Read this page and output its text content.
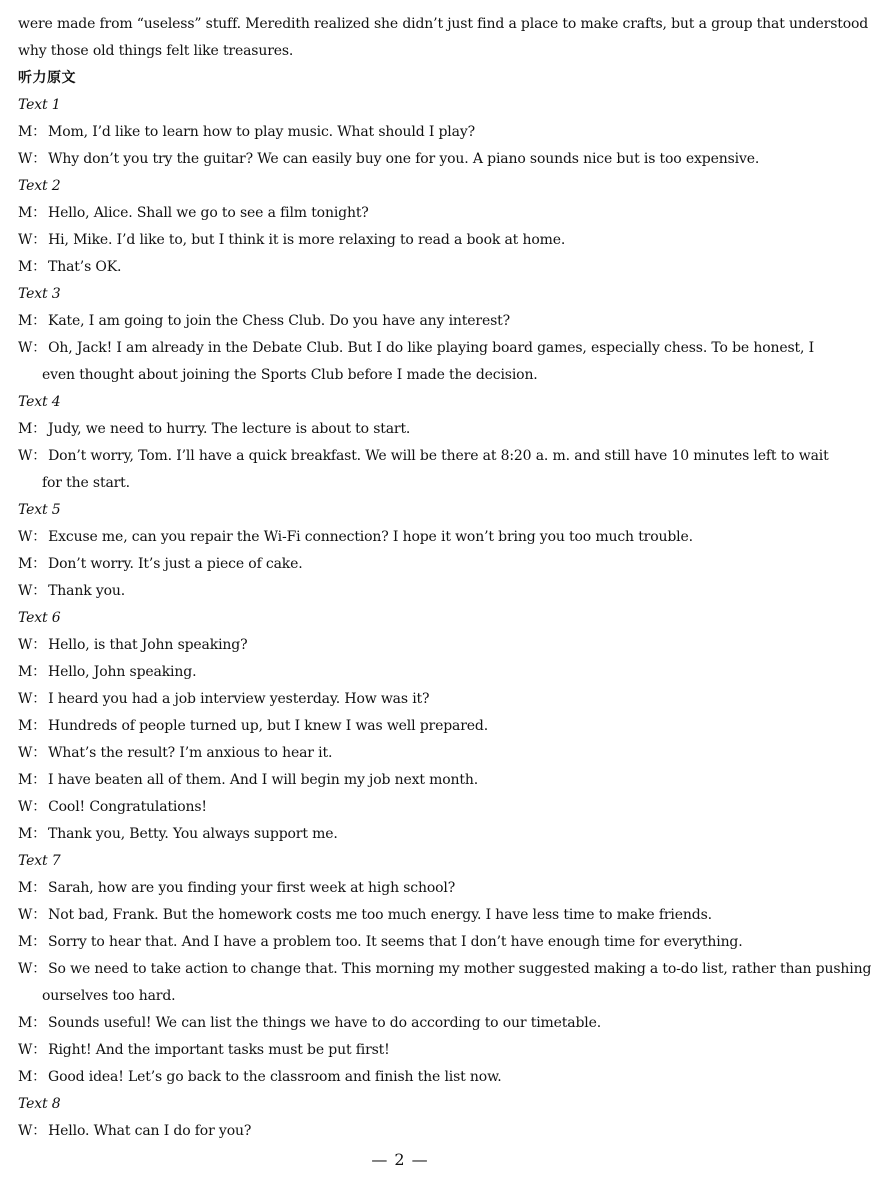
were made from “useless” stuff. Meredith realized she didn’t just find a place to make crafts, but a group that understood
why those old things felt like treasures.
听力原文
Text 1
M： Mom, I’d like to learn how to play music. What should I play?
W： Why don’t you try the guitar? We can easily buy one for you. A piano sounds nice but is too expensive.
Text 2
M： Hello, Alice. Shall we go to see a film tonight?
W： Hi, Mike. I’d like to, but I think it is more relaxing to read a book at home.
M： That’s OK.
Text 3
M： Kate, I am going to join the Chess Club. Do you have any interest?
W： Oh, Jack! I am already in the Debate Club. But I do like playing board games, especially chess. To be honest, I
even thought about joining the Sports Club before I made the decision.
Text 4
M： Judy, we need to hurry. The lecture is about to start.
W： Don’t worry, Tom. I’ll have a quick breakfast. We will be there at 8:20 a. m. and still have 10 minutes left to wait
for the start.
Text 5
W： Excuse me, can you repair the Wi-Fi connection? I hope it won’t bring you too much trouble.
M： Don’t worry. It’s just a piece of cake.
W： Thank you.
Text 6
W： Hello, is that John speaking?
M： Hello, John speaking.
W： I heard you had a job interview yesterday. How was it?
M： Hundreds of people turned up, but I knew I was well prepared.
W： What’s the result? I’m anxious to hear it.
M： I have beaten all of them. And I will begin my job next month.
W： Cool! Congratulations!
M： Thank you, Betty. You always support me.
Text 7
M： Sarah, how are you finding your first week at high school?
W： Not bad, Frank. But the homework costs me too much energy. I have less time to make friends.
M： Sorry to hear that. And I have a problem too. It seems that I don’t have enough time for everything.
W： So we need to take action to change that. This morning my mother suggested making a to-do list, rather than pushing
ourselves too hard.
M： Sounds useful! We can list the things we have to do according to our timetable.
W： Right! And the important tasks must be put first!
M： Good idea! Let’s go back to the classroom and finish the list now.
Text 8
W： Hello. What can I do for you?
— 2 —
